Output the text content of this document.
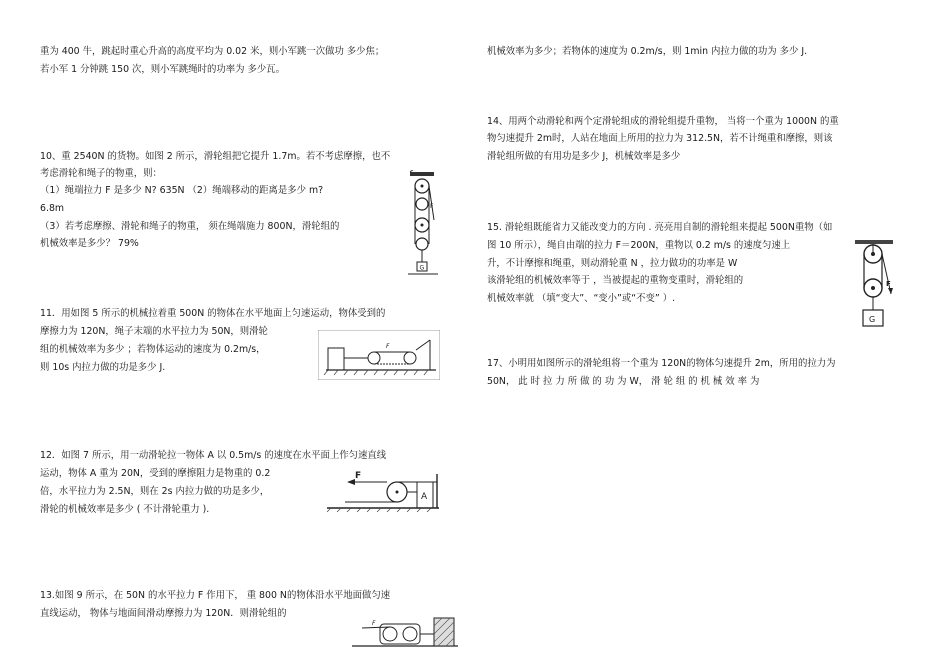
重为 400 牛，跳起时重心升高的高度平均为 0.02 米，则小军跳一次做功 多少焦；
若小军 1 分钟跳 150 次，则小军跳绳时的功率为 多少瓦。
10、重 2540N 的货物。如图 2 所示，滑轮组把它提升 1.7m。若不考虑摩擦，也不
考虑滑轮和绳子的物重，则：
（1）绳端拉力 F 是多少 N? 635N （2）绳端移动的距离是多少 m?
6.8m
（3）若考虑摩擦、滑轮和绳子的物重， 须在绳端施力 800N，滑轮组的
机械效率是多少？ 79%
F
G
11．用如图 5 所示的机械拉着重 500N 的物体在水平地面上匀速运动，物体受到的
摩擦力为 120N，绳子末端的水平拉力为 50N，则滑轮
组的机械效率为多少 ；若物体运动的速度为 0.2m/s，
则 10s 内拉力做的功是多少 J.
F
12．如图 7 所示，用一动滑轮拉一物体 A 以 0.5m/s 的速度在水平面上作匀速直线
运动，物体 A 重为 20N，受到的摩擦阻力是物重的 0.2
倍，水平拉力为 2.5N，则在 2s 内拉力做的功是多少，
滑轮的机械效率是多少 ( 不计滑轮重力 ).
A
F
13.如图 9 所示，在 50N 的水平拉力 F 作用下， 重 800 N的物体沿水平地面做匀速
直线运动， 物体与地面间滑动摩擦力为 120N．则滑轮组的
F
机械效率为多少；若物体的速度为 0.2m/s，则 1min 内拉力做的功为 多少 J.
14、用两个动滑轮和两个定滑轮组成的滑轮组提升重物， 当将一个重为 1000N 的重
物匀速提升 2m时，人站在地面上所用的拉力为 312.5N，若不计绳重和摩擦，则该
滑轮组所做的有用功是多少 J，机械效率是多少
15. 滑轮组既能省力又能改变力的方向 . 亮亮用自制的滑轮组来提起 500N重物（如
图 10 所示），绳自由端的拉力 F＝200N，重物以 0.2 m/s 的速度匀速上
升，不计摩擦和绳重，则动滑轮重 N ，拉力做功的功率是 W
该滑轮组的机械效率等于 ，当被提起的重物变重时，滑轮组的
机械效率就 （填“变大”、“变小”或“不变” ）.
F
G
17、小明用如图所示的滑轮组将一个重为 120N的物体匀速提升 2m，所用的拉力为
50N， 此 时 拉 力 所 做 的 功 为 W， 滑 轮 组 的 机 械 效 率 为
